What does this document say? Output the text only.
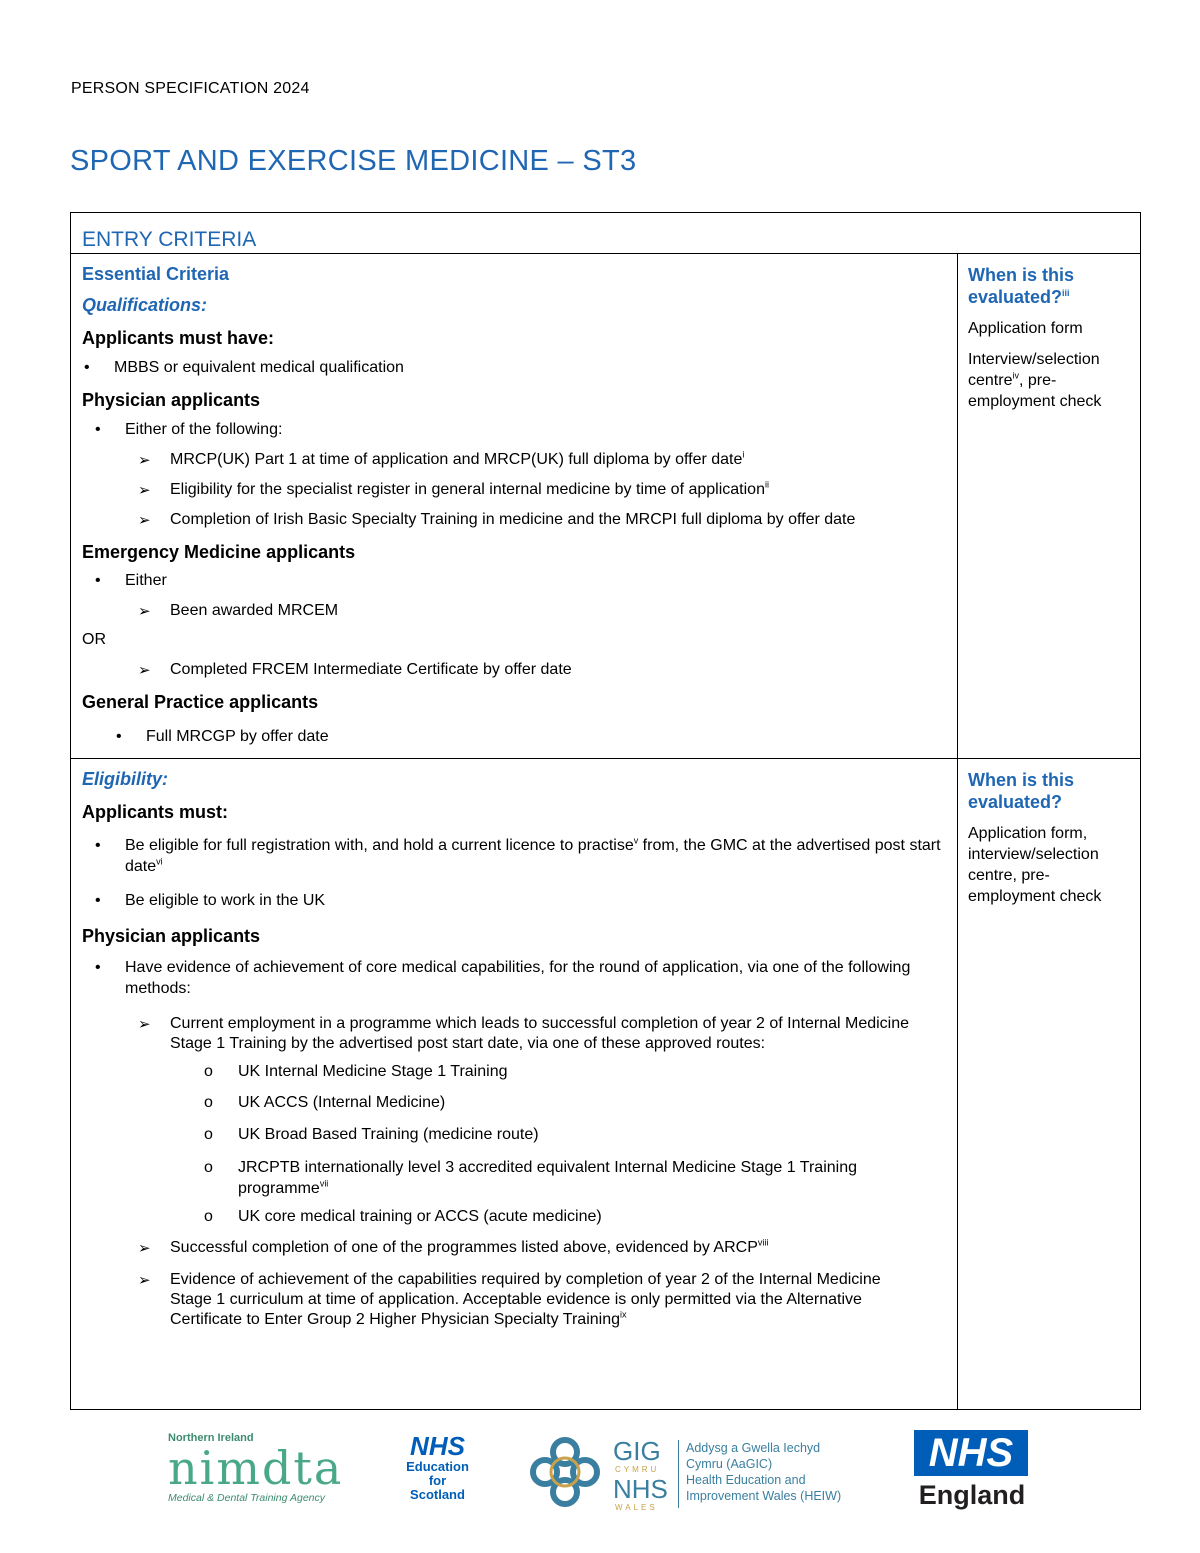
PERSON SPECIFICATION 2024
SPORT AND EXERCISE MEDICINE – ST3
ENTRY CRITERIA
Essential Criteria
Qualifications:
Applicants must have:
• MBBS or equivalent medical qualification
Physician applicants
• Either of the following:
➢ MRCP(UK) Part 1 at time of application and MRCP(UK) full diploma by offer date$^i$
➢ Eligibility for the specialist register in general internal medicine by time of application$^{ii}$
➢ Completion of Irish Basic Specialty Training in medicine and the MRCPI full diploma by offer date
Emergency Medicine applicants
• Either
➢ Been awarded MRCEM
OR
➢ Completed FRCEM Intermediate Certificate by offer date
General Practice applicants
• Full MRCGP by offer date
When is this evaluated?$^{iii}$
Application form
Interview/selection centre$^{iv}$, pre-employment check
Eligibility:
Applicants must:
• Be eligible for full registration with, and hold a current licence to practise$^v$ from, the GMC at the advertised post start date$^{vi}$
• Be eligible to work in the UK
Physician applicants
• Have evidence of achievement of core medical capabilities, for the round of application, via one of the following methods:
➢ Current employment in a programme which leads to successful completion of year 2 of Internal Medicine Stage 1 Training by the advertised post start date, via one of these approved routes:
o UK Internal Medicine Stage 1 Training
o UK ACCS (Internal Medicine)
o UK Broad Based Training (medicine route)
o JRCPTB internationally level 3 accredited equivalent Internal Medicine Stage 1 Training programme$^{vii}$
o UK core medical training or ACCS (acute medicine)
➢ Successful completion of one of the programmes listed above, evidenced by ARCP$^{viii}$
➢ Evidence of achievement of the capabilities required by completion of year 2 of the Internal Medicine Stage 1 curriculum at time of application. Acceptable evidence is only permitted via the Alternative Certificate to Enter Group 2 Higher Physician Specialty Training$^{ix}$
When is this evaluated?
Application form, interview/selection centre, pre-employment check
Northern Ireland
nimdta
Medical & Dental Training Agency
NHS
Education
for
Scotland
GIG
CYMRU
NHS
WALES
Addysg a Gwella Iechyd
Cymru (AaGIC)
Health Education and
Improvement Wales (HEIW)
NHS
England
